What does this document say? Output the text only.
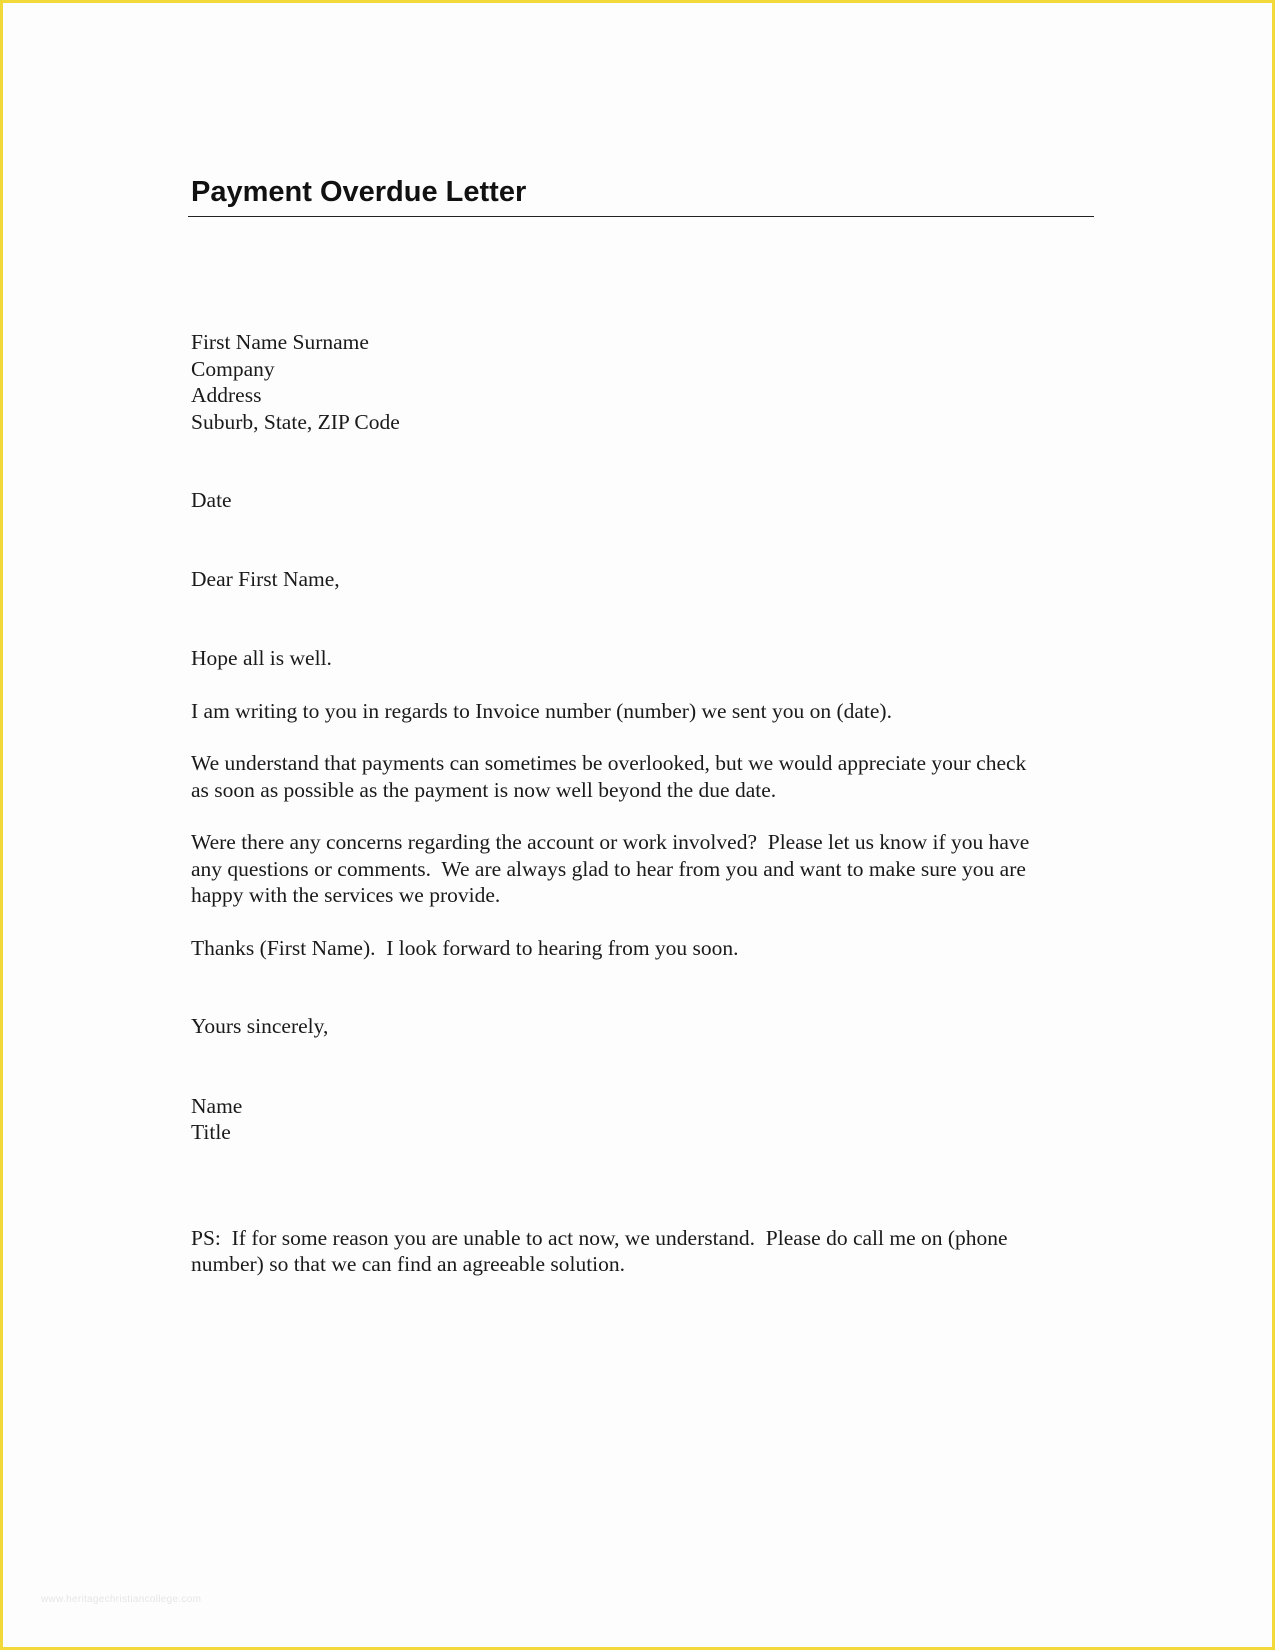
Payment Overdue Letter
First Name Surname
Company
Address
Suburb, State, ZIP Code
Date
Dear First Name,
Hope all is well.
I am writing to you in regards to Invoice number (number) we sent you on (date).
We understand that payments can sometimes be overlooked, but we would appreciate your check
as soon as possible as the payment is now well beyond the due date.
Were there any concerns regarding the account or work involved?  Please let us know if you have
any questions or comments.  We are always glad to hear from you and want to make sure you are
happy with the services we provide.
Thanks (First Name).  I look forward to hearing from you soon.
Yours sincerely,
Name
Title
PS:  If for some reason you are unable to act now, we understand.  Please do call me on (phone
number) so that we can find an agreeable solution.
www.heritagechristiancollege.com
